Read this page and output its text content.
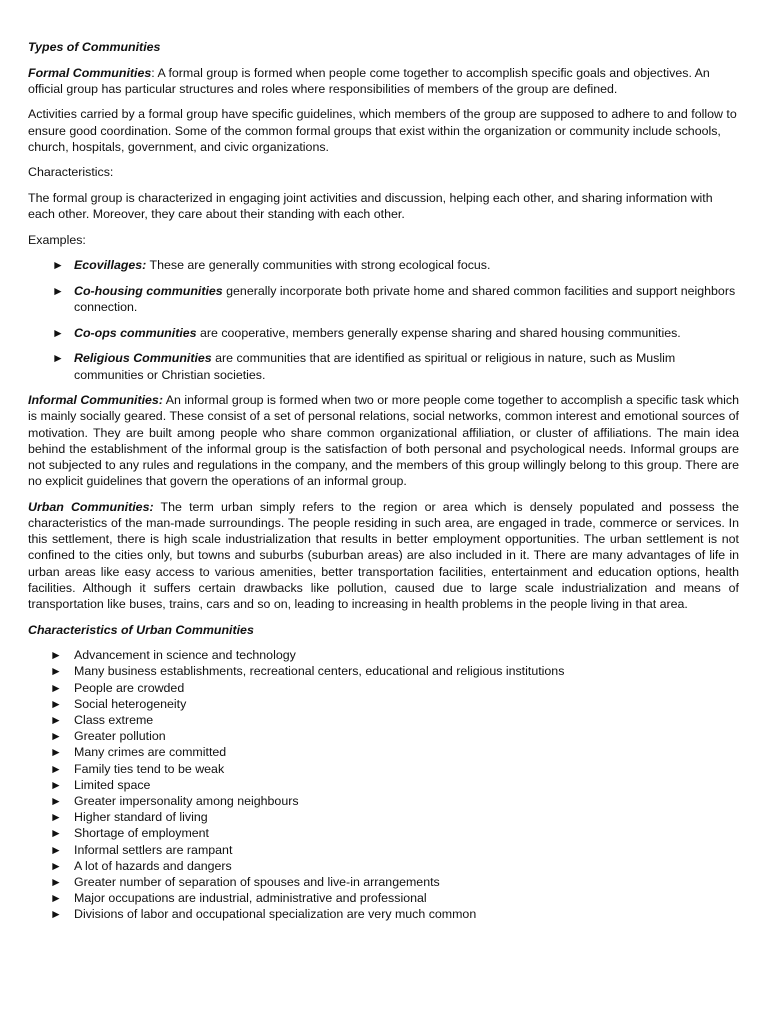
Types of Communities

Formal Communities: A formal group is formed when people come together to accomplish specific goals and objectives. An official group has particular structures and roles where responsibilities of members of the group are defined.

Activities carried by a formal group have specific guidelines, which members of the group are supposed to adhere to and follow to ensure good coordination. Some of the common formal groups that exist within the organization or community include schools, church, hospitals, government, and civic organizations.

Characteristics:

The formal group is characterized in engaging joint activities and discussion, helping each other, and sharing information with each other. Moreover, they care about their standing with each other.

Examples:

► Ecovillages: These are generally communities with strong ecological focus.
► Co-housing communities generally incorporate both private home and shared common facilities and support neighbors connection.
► Co-ops communities are cooperative, members generally expense sharing and shared housing communities.
► Religious Communities are communities that are identified as spiritual or religious in nature, such as Muslim communities or Christian societies.

Informal Communities: An informal group is formed when two or more people come together to accomplish a specific task which is mainly socially geared. These consist of a set of personal relations, social networks, common interest and emotional sources of motivation. They are built among people who share common organizational affiliation, or cluster of affiliations. The main idea behind the establishment of the informal group is the satisfaction of both personal and psychological needs. Informal groups are not subjected to any rules and regulations in the company, and the members of this group willingly belong to this group. There are no explicit guidelines that govern the operations of an informal group.

Urban Communities: The term urban simply refers to the region or area which is densely populated and possess the characteristics of the man-made surroundings. The people residing in such area, are engaged in trade, commerce or services. In this settlement, there is high scale industrialization that results in better employment opportunities. The urban settlement is not confined to the cities only, but towns and suburbs (suburban areas) are also included in it. There are many advantages of life in urban areas like easy access to various amenities, better transportation facilities, entertainment and education options, health facilities. Although it suffers certain drawbacks like pollution, caused due to large scale industrialization and means of transportation like buses, trains, cars and so on, leading to increasing in health problems in the people living in that area.

Characteristics of Urban Communities

► Advancement in science and technology
► Many business establishments, recreational centers, educational and religious institutions
► People are crowded
► Social heterogeneity
► Class extreme
► Greater pollution
► Many crimes are committed
► Family ties tend to be weak
► Limited space
► Greater impersonality among neighbours
► Higher standard of living
► Shortage of employment
► Informal settlers are rampant
► A lot of hazards and dangers
► Greater number of separation of spouses and live-in arrangements
► Major occupations are industrial, administrative and professional
► Divisions of labor and occupational specialization are very much common
